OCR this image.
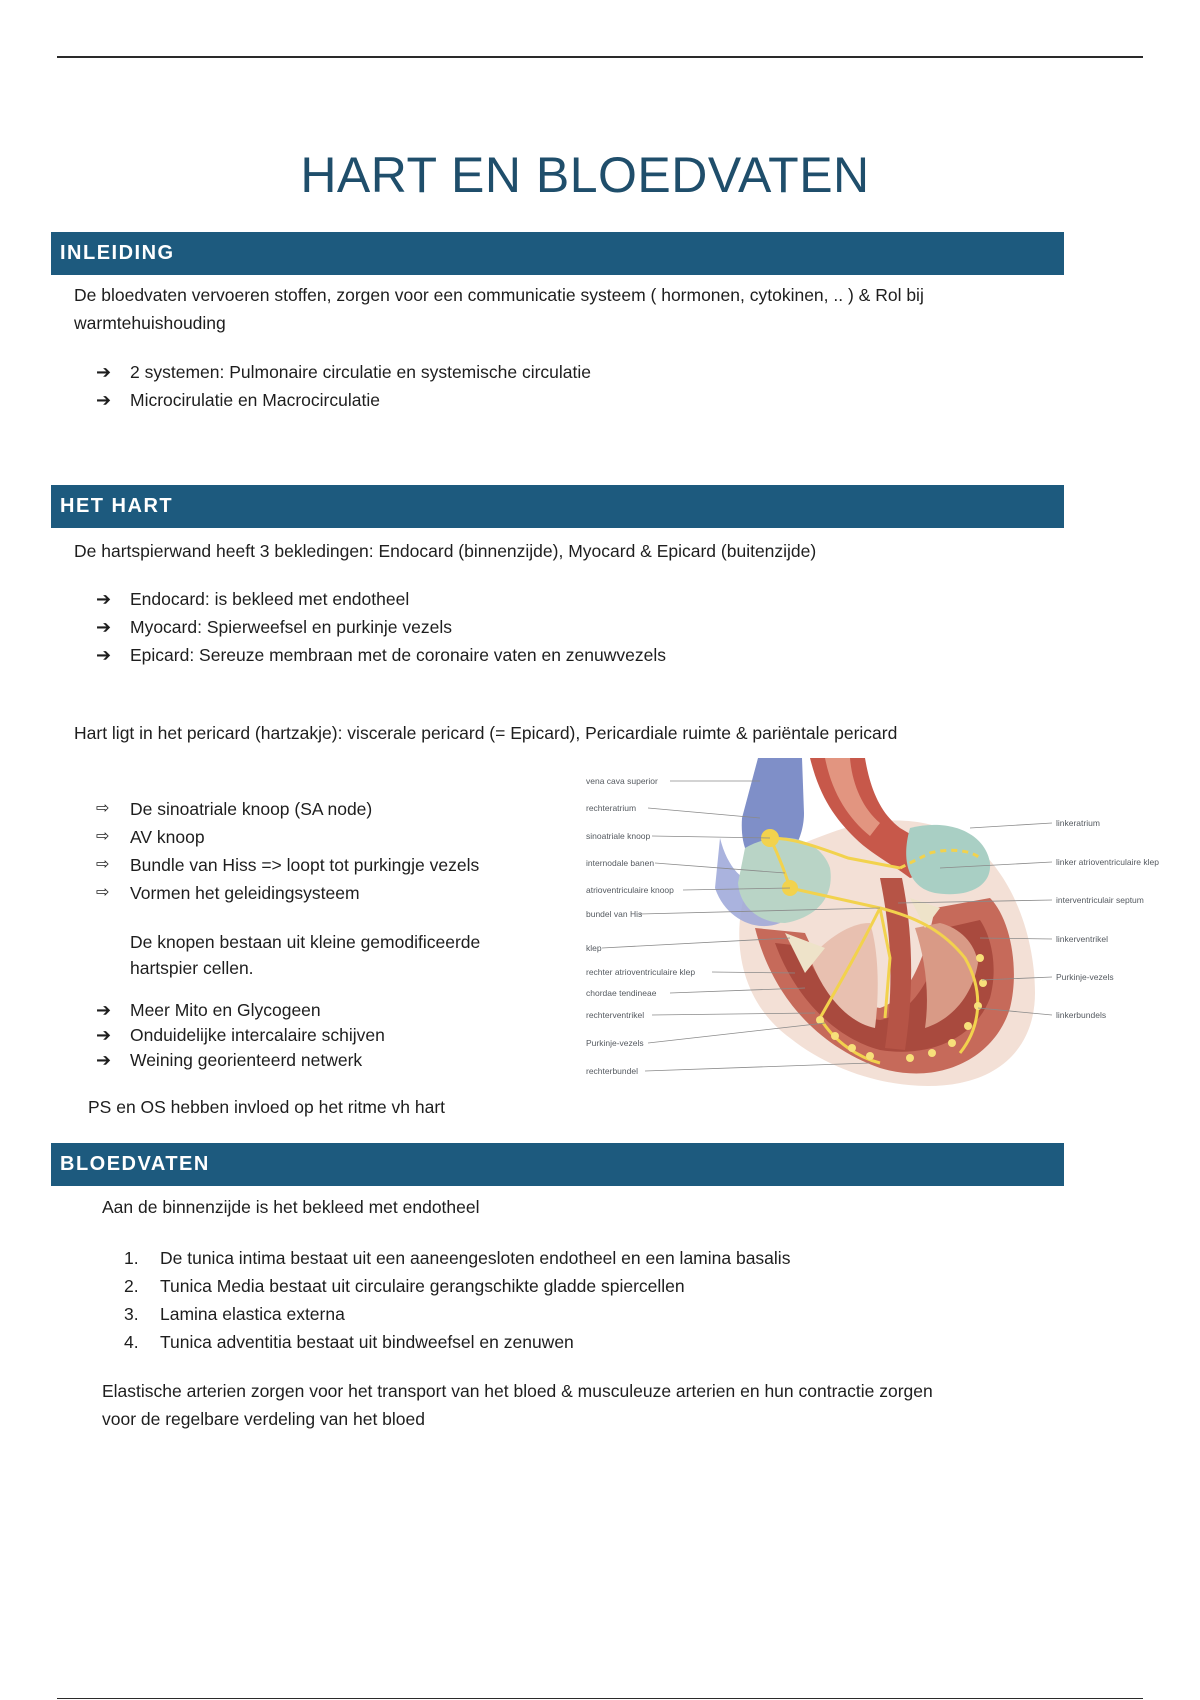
HART EN BLOEDVATEN
INLEIDING
De bloedvaten vervoeren stoffen, zorgen voor een communicatie systeem ( hormonen, cytokinen, .. ) & Rol bij
warmtehuishouding
➔	2 systemen: Pulmonaire circulatie en systemische circulatie
➔	Microcirulatie en Macrocirculatie
HET HART
De hartspierwand heeft 3 bekledingen: Endocard (binnenzijde), Myocard & Epicard (buitenzijde)
➔	Endocard: is bekleed met endotheel
➔	Myocard: Spierweefsel en purkinje vezels
➔	Epicard: Sereuze membraan met de coronaire vaten en zenuwvezels
Hart ligt in het pericard (hartzakje): viscerale pericard (= Epicard), Pericardiale ruimte & pariëntale pericard
⇨	De sinoatriale knoop (SA node)
⇨	AV knoop
⇨	Bundle van Hiss => loopt tot purkingje vezels
⇨	Vormen het geleidingsysteem
De knopen bestaan uit kleine gemodificeerde
hartspier cellen.
➔	Meer Mito en Glycogeen
➔	Onduidelijke intercalaire schijven
➔	Weining georienteerd netwerk
PS en OS hebben invloed op het ritme vh hart
vena cava superior
rechteratrium
sinoatriale knoop
internodale banen
atrioventriculaire knoop
bundel van His
klep
rechter atrioventriculaire klep
chordae tendineae
rechterventrikel
Purkinje-vezels
rechterbundel
linkeratrium
linker atrioventriculaire klep
interventriculair septum
linkerventrikel
Purkinje-vezels
linkerbundels
BLOEDVATEN
Aan de binnenzijde is het bekleed met endotheel
1.	De tunica intima bestaat uit een aaneengesloten endotheel en een lamina basalis
2.	Tunica Media bestaat uit circulaire gerangschikte gladde spiercellen
3.	Lamina elastica externa
4.	Tunica adventitia bestaat uit bindweefsel en zenuwen
Elastische arterien zorgen voor het transport van het bloed & musculeuze arterien en hun contractie zorgen
voor de regelbare verdeling van het bloed
